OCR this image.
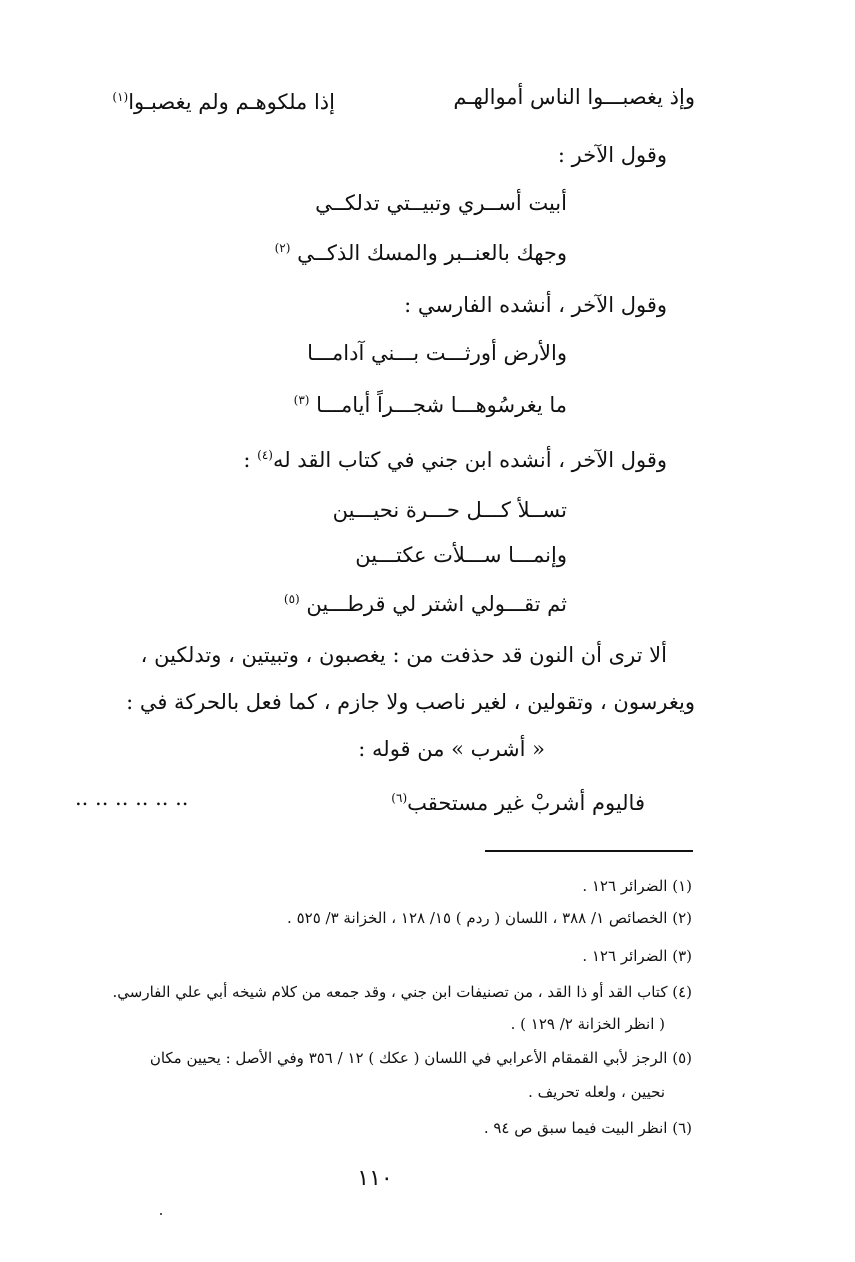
وإذ يغصبـــوا الناس أموالهـم
إذا ملكوهـم ولم يغصبـوا$^{(١)}$
وقول الآخر :
أبيت أســري وتبيــتي تدلكــي
وجهك بالعنــبر والمسك الذكــي $^{(٢)}$
وقول الآخر ، أنشده الفارسي :
والأرض أورثـــت بـــني آدامـــا
ما يغرسُوهـــا شجـــراً أيامـــا $^{(٣)}$
وقول الآخر ، أنشده ابن جني في كتاب القد له$^{(٤)}$ :
تســلأ كـــل حـــرة نحيـــين
وإنمـــا ســـلأت عكتـــين
ثم تقـــولي اشتر لي قرطـــين $^{(٥)}$
ألا ترى أن النون قد حذفت من : يغصبون ، وتبيتين ، وتدلكين ،
ويغرسون ، وتقولين ، لغير ناصب ولا جازم ، كما فعل بالحركة في :
« أشرب » من قوله :
فاليوم أشربْ غير مستحقب$^{(٦)}$
.. .. .. .. .. ..
(١) الضرائر ١٢٦ .
(٢) الخصائص ١/ ٣٨٨ ، اللسان ( ردم ) ١٥/ ١٢٨ ، الخزانة ٣/ ٥٢٥ .
(٣) الضرائر ١٢٦ .
(٤) كتاب القد أو ذا القد ، من تصنيفات ابن جني ، وقد جمعه من كلام شيخه أبي علي الفارسي.
( انظر الخزانة ٢/ ١٢٩ ) .
(٥) الرجز لأبي القمقام الأعرابي في اللسان ( عكك ) ١٢ / ٣٥٦ وفي الأصل : يحيين مكان
نحيين ، ولعله تحريف .
(٦) انظر البيت فيما سبق ص ٩٤ .
١١٠
